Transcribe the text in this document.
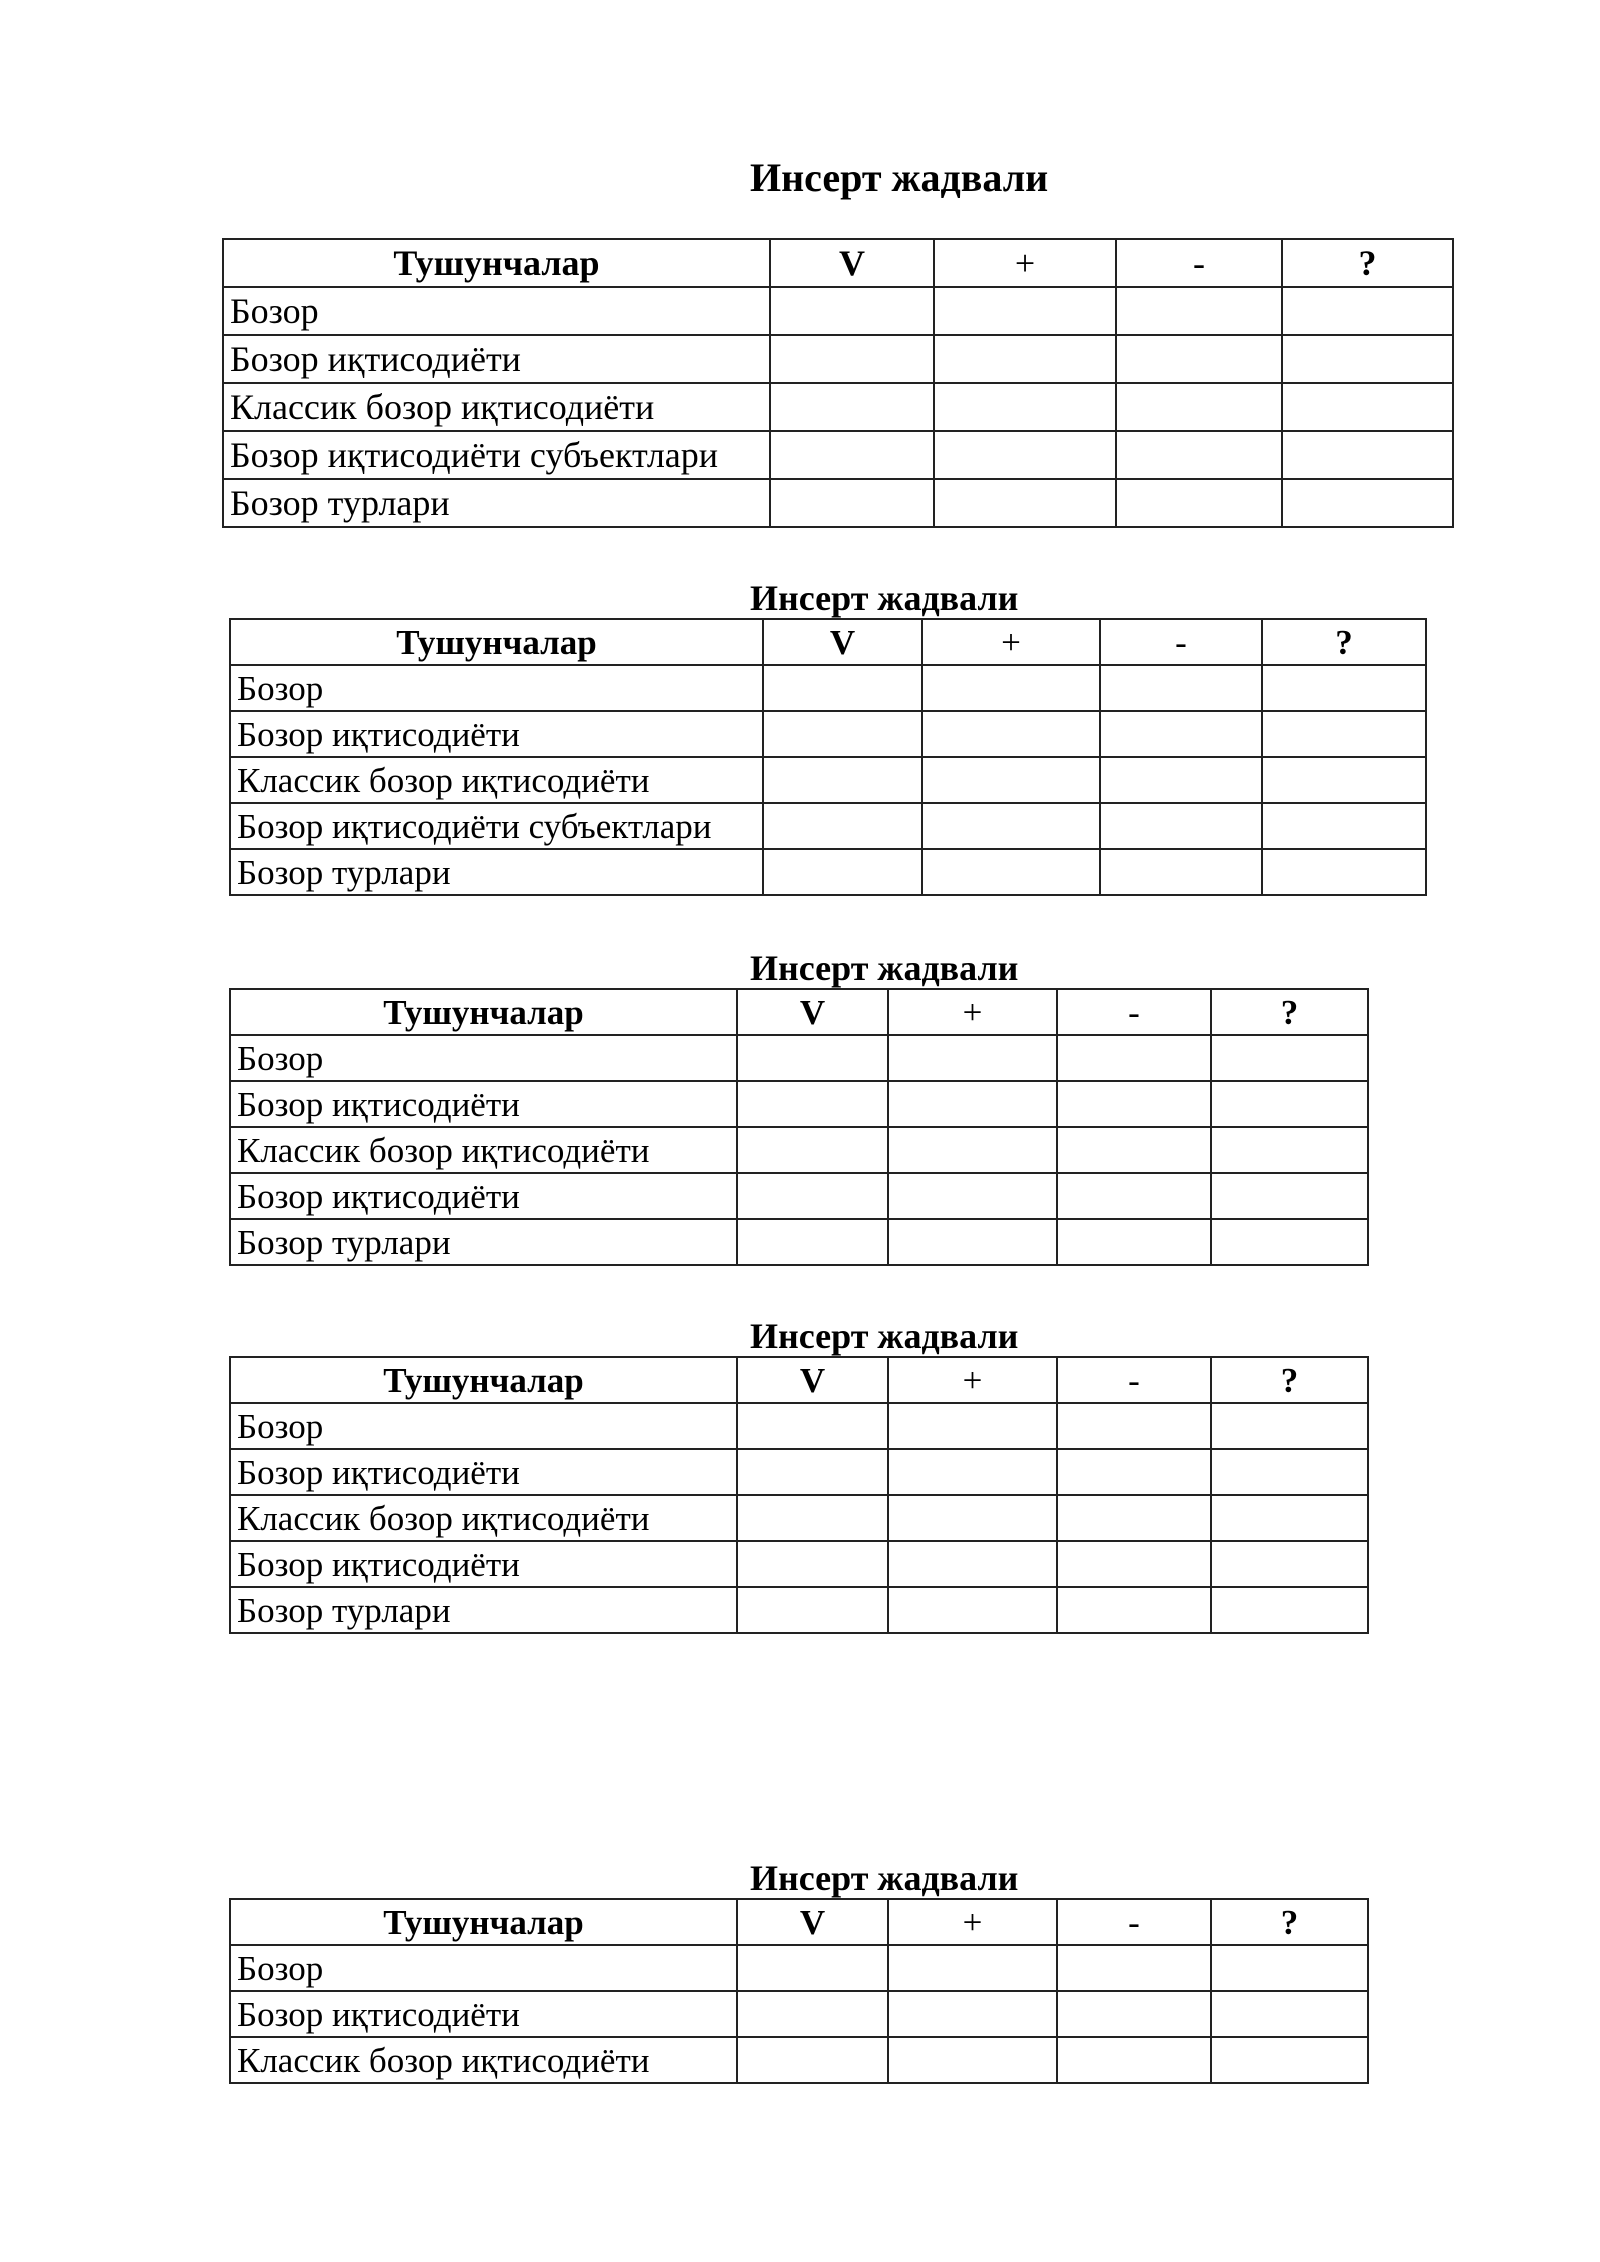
Инсерт жадвали
Тушунчалар	V	+	-	?
Бозор				
Бозор иқтисодиёти				
Классик бозор иқтисодиёти				
Бозор иқтисодиёти субъектлари				
Бозор турлари				
Инсерт жадвали
Тушунчалар	V	+	-	?
Бозор				
Бозор иқтисодиёти				
Классик бозор иқтисодиёти				
Бозор иқтисодиёти субъектлари				
Бозор турлари				
Инсерт жадвали
Тушунчалар	V	+	-	?
Бозор				
Бозор иқтисодиёти				
Классик бозор иқтисодиёти				
Бозор иқтисодиёти				
Бозор турлари				
Инсерт жадвали
Тушунчалар	V	+	-	?
Бозор				
Бозор иқтисодиёти				
Классик бозор иқтисодиёти				
Бозор иқтисодиёти				
Бозор турлари				
Инсерт жадвали
Тушунчалар	V	+	-	?
Бозор				
Бозор иқтисодиёти				
Классик бозор иқтисодиёти				
